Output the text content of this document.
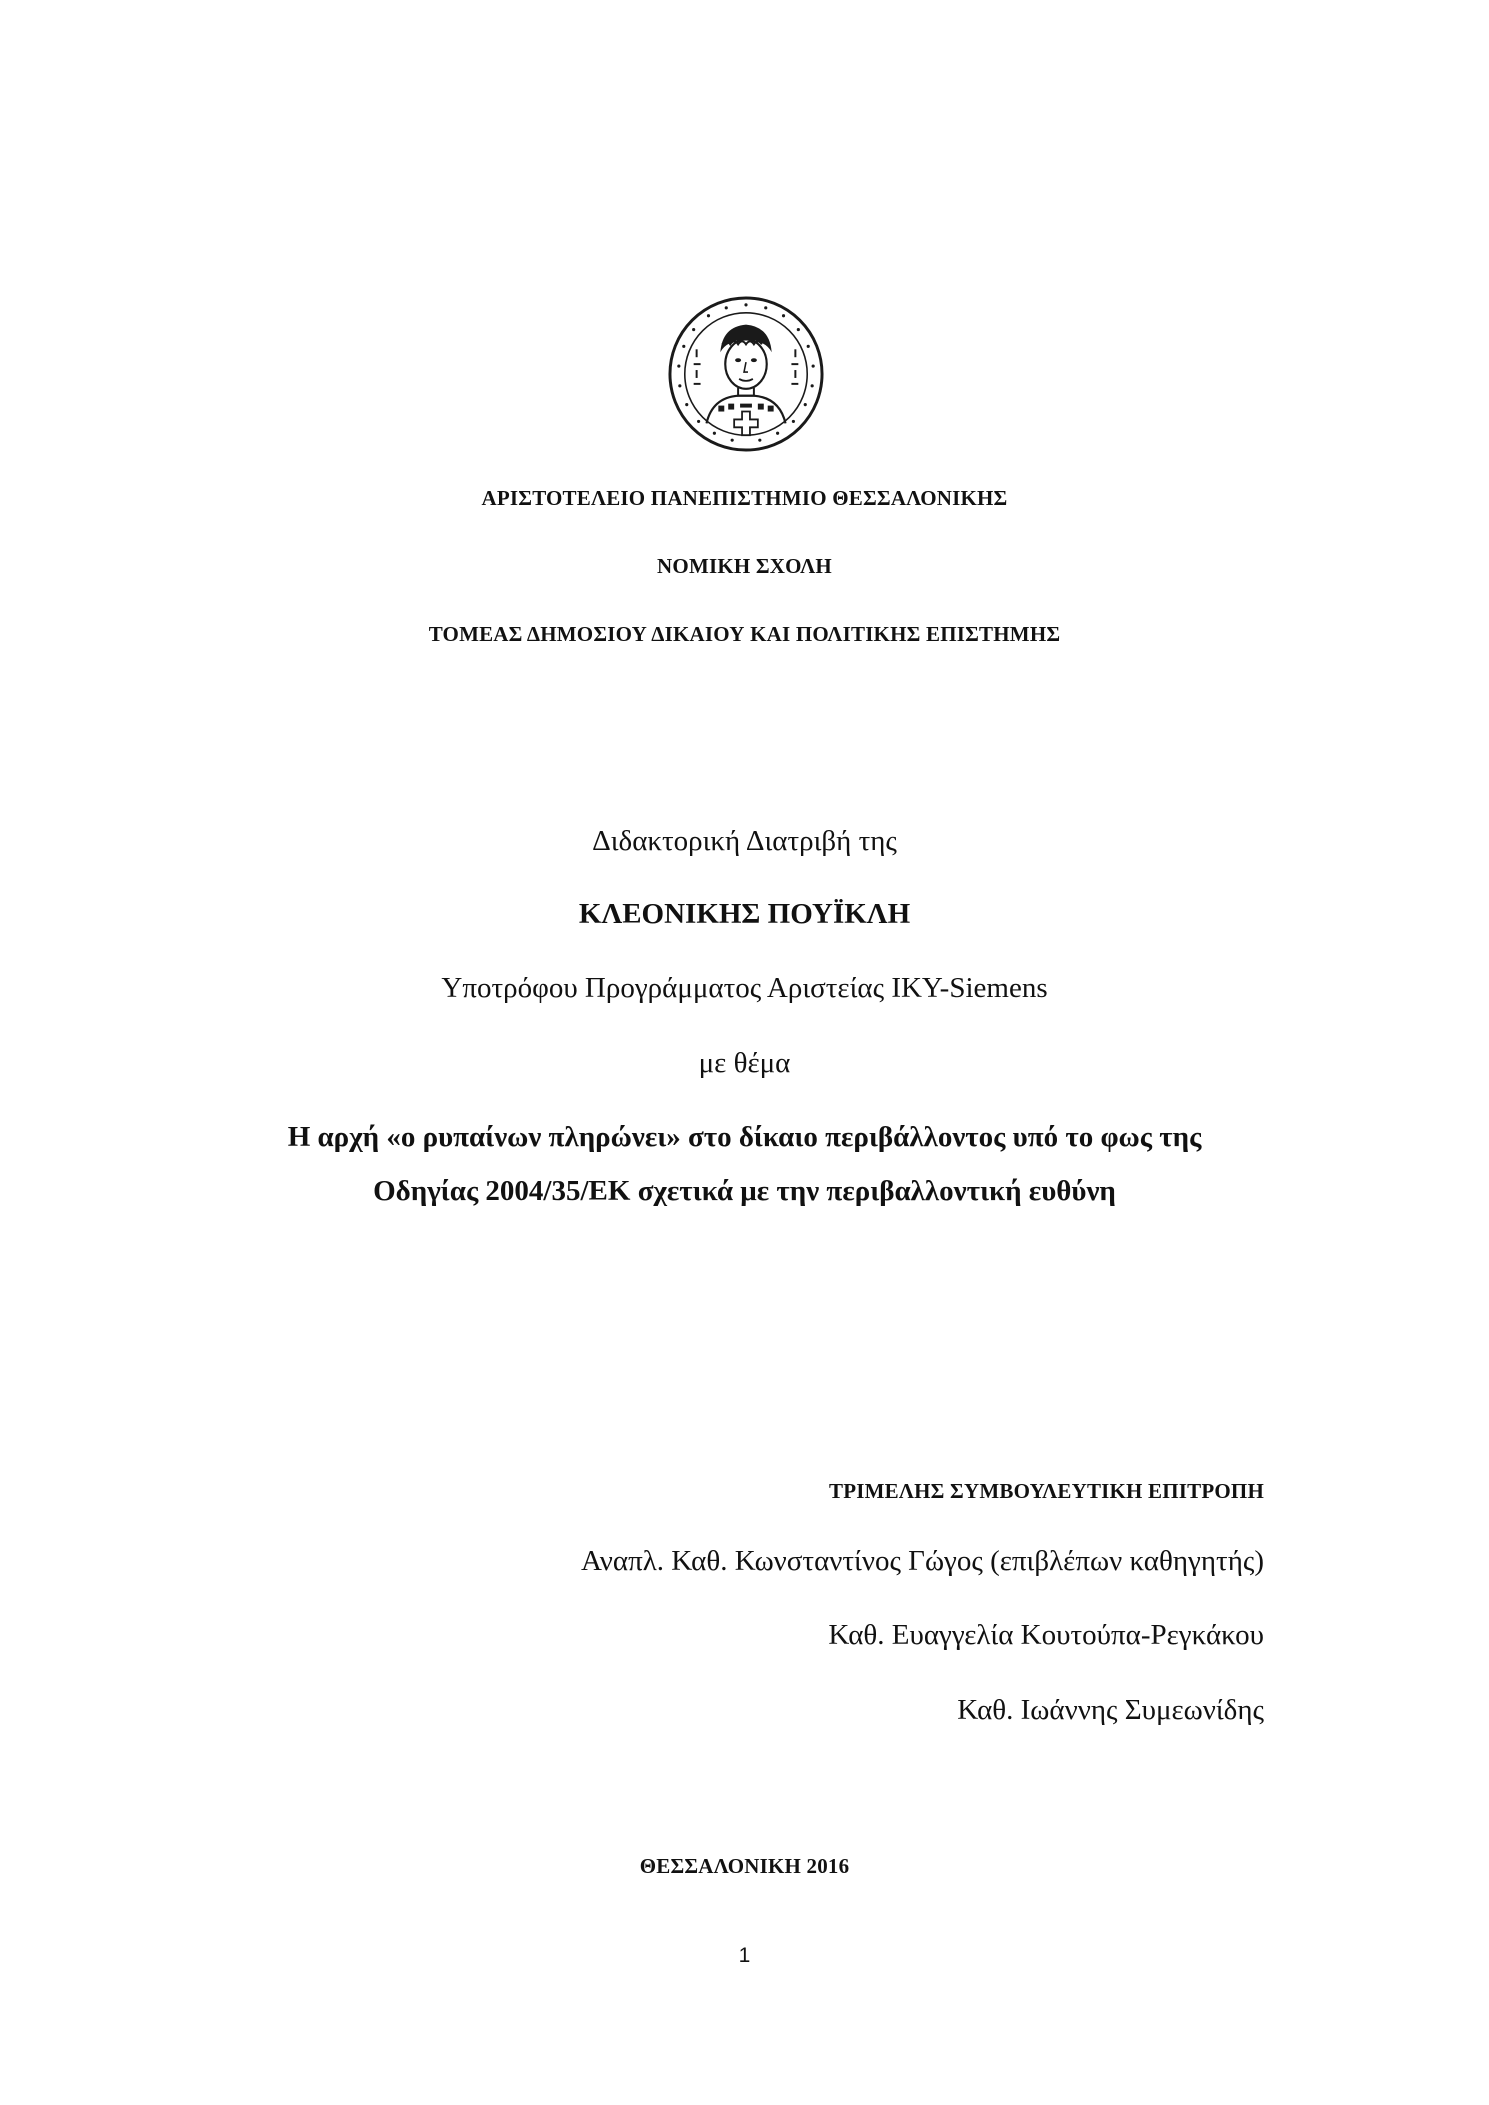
ΑΡΙΣΤΟΤΕΛΕΙΟ ΠΑΝΕΠΙΣΤΗΜΙΟ ΘΕΣΣΑΛΟΝΙΚΗΣ
ΝΟΜΙΚΗ ΣΧΟΛΗ
ΤΟΜΕΑΣ ΔΗΜΟΣΙΟΥ ΔΙΚΑΙΟΥ ΚΑΙ ΠΟΛΙΤΙΚΗΣ ΕΠΙΣΤΗΜΗΣ
Διδακτορική Διατριβή της
ΚΛΕΟΝΙΚΗΣ ΠΟΥΪΚΛΗ
Υποτρόφου Προγράμματος Αριστείας ΙΚΥ-Siemens
με θέμα
Η αρχή «ο ρυπαίνων πληρώνει» στο δίκαιο περιβάλλοντος υπό το φως της
Οδηγίας 2004/35/ΕΚ σχετικά με την περιβαλλοντική ευθύνη
ΤΡΙΜΕΛΗΣ ΣΥΜΒΟΥΛΕΥΤΙΚΗ ΕΠΙΤΡΟΠΗ
Αναπλ. Καθ. Κωνσταντίνος Γώγος (επιβλέπων καθηγητής)
Καθ. Ευαγγελία Κουτούπα-Ρεγκάκου
Καθ. Ιωάννης Συμεωνίδης
ΘΕΣΣΑΛΟΝΙΚΗ 2016
1
